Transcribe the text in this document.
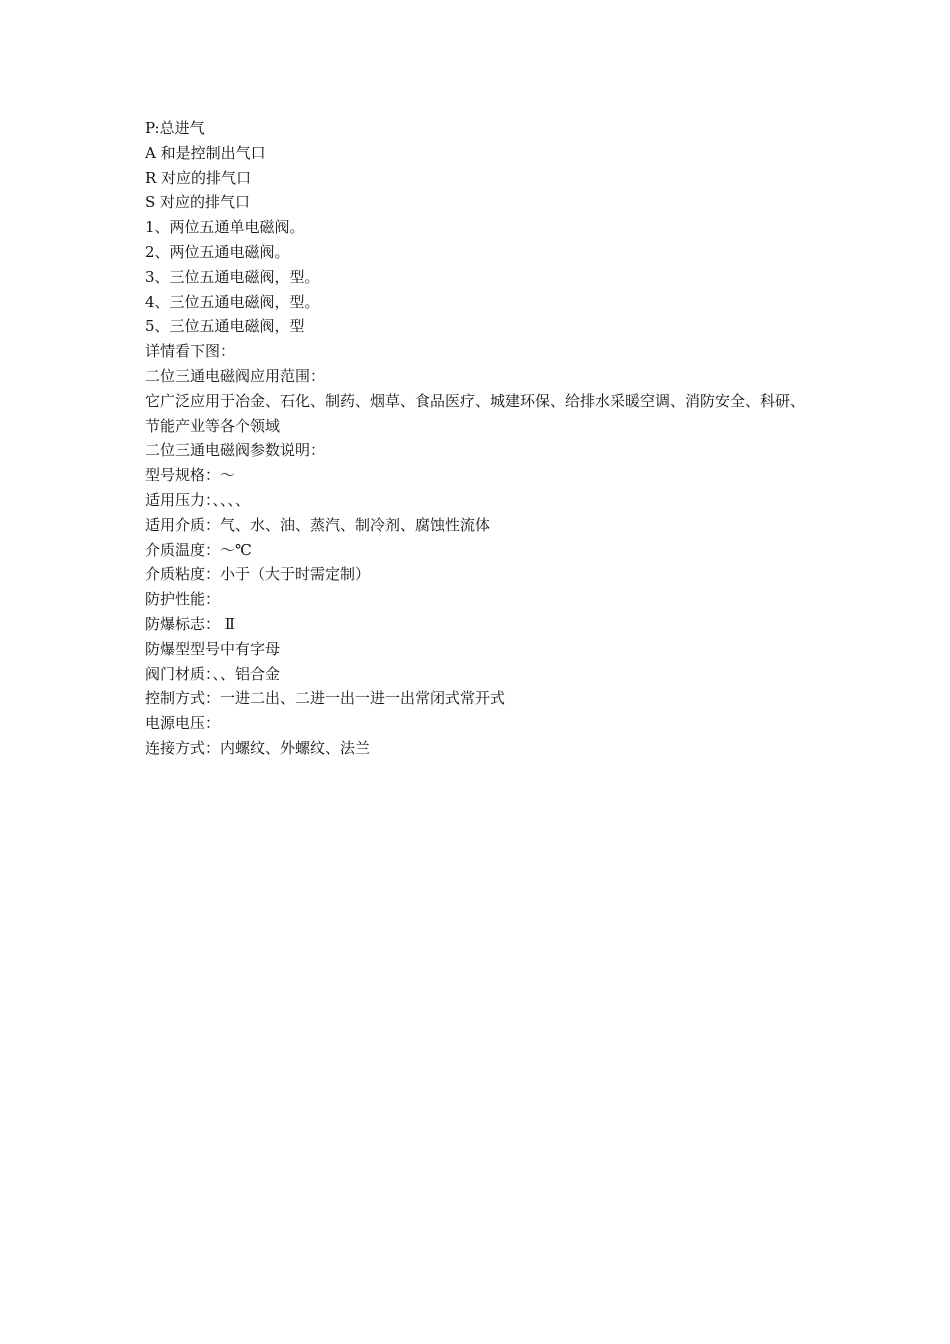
P:总进气

A 和是控制出气口

R 对应的排气口

S 对应的排气口

1、两位五通单电磁阀。

2、两位五通电磁阀。

3、三位五通电磁阀，型。

4、三位五通电磁阀，型。

5、三位五通电磁阀，型

详情看下图：

二位三通电磁阀应用范围：

它广泛应用于冶金、石化、制药、烟草、食品医疗、城建环保、给排水采暖空调、消防安全、科研、节能产业等各个领域

二位三通电磁阀参数说明：

型号规格：～

适用压力：、、、、

适用介质：气、水、油、蒸汽、制冷剂、腐蚀性流体

介质温度：～℃

介质粘度：小于（大于时需定制）

防护性能：

防爆标志： Ⅱ

防爆型型号中有字母

阀门材质：、、铝合金

控制方式：一进二出、二进一出一进一出常闭式常开式

电源电压：

连接方式：内螺纹、外螺纹、法兰
